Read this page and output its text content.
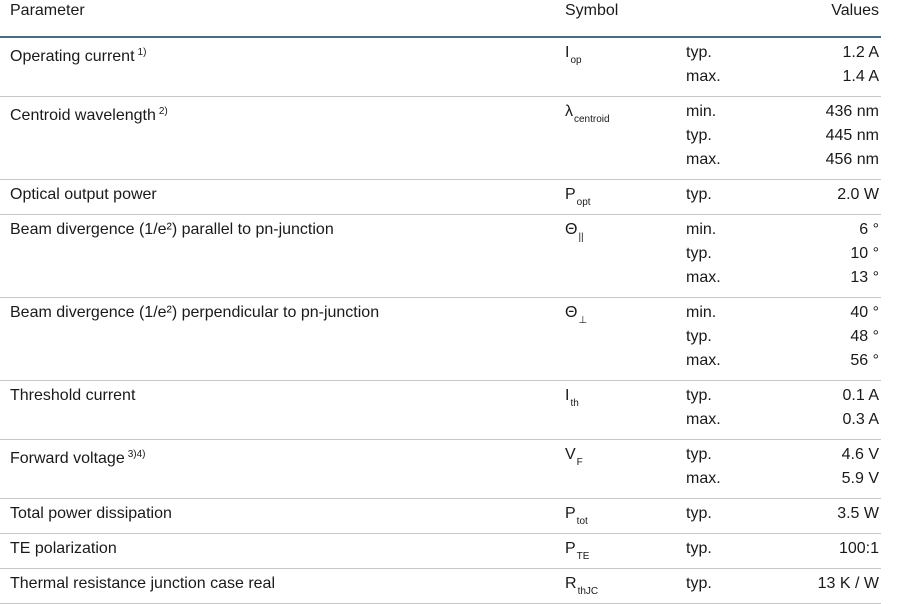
Parameter	Symbol	Values
Operating current $^{1)}$	$I_{op}$	typ.	1.2 A
max.	1.4 A
Centroid wavelength $^{2)}$	$\lambda_{centroid}$	min.	436 nm
typ.	445 nm
max.	456 nm
Optical output power	$P_{opt}$	typ.	2.0 W
Beam divergence (1/e²) parallel to pn-junction	$\Theta_{||}$	min.	6 °
typ.	10 °
max.	13 °
Beam divergence (1/e²) perpendicular to pn-junction	$\Theta_\perp$	min.	40 °
typ.	48 °
max.	56 °
Threshold current	$I_{th}$	typ.	0.1 A
max.	0.3 A
Forward voltage $^{3)4)}$	$V_F$	typ.	4.6 V
max.	5.9 V
Total power dissipation	$P_{tot}$	typ.	3.5 W
TE polarization	$P_{TE}$	typ.	100:1
Thermal resistance junction case real	$R_{thJC}$	typ.	13 K / W
